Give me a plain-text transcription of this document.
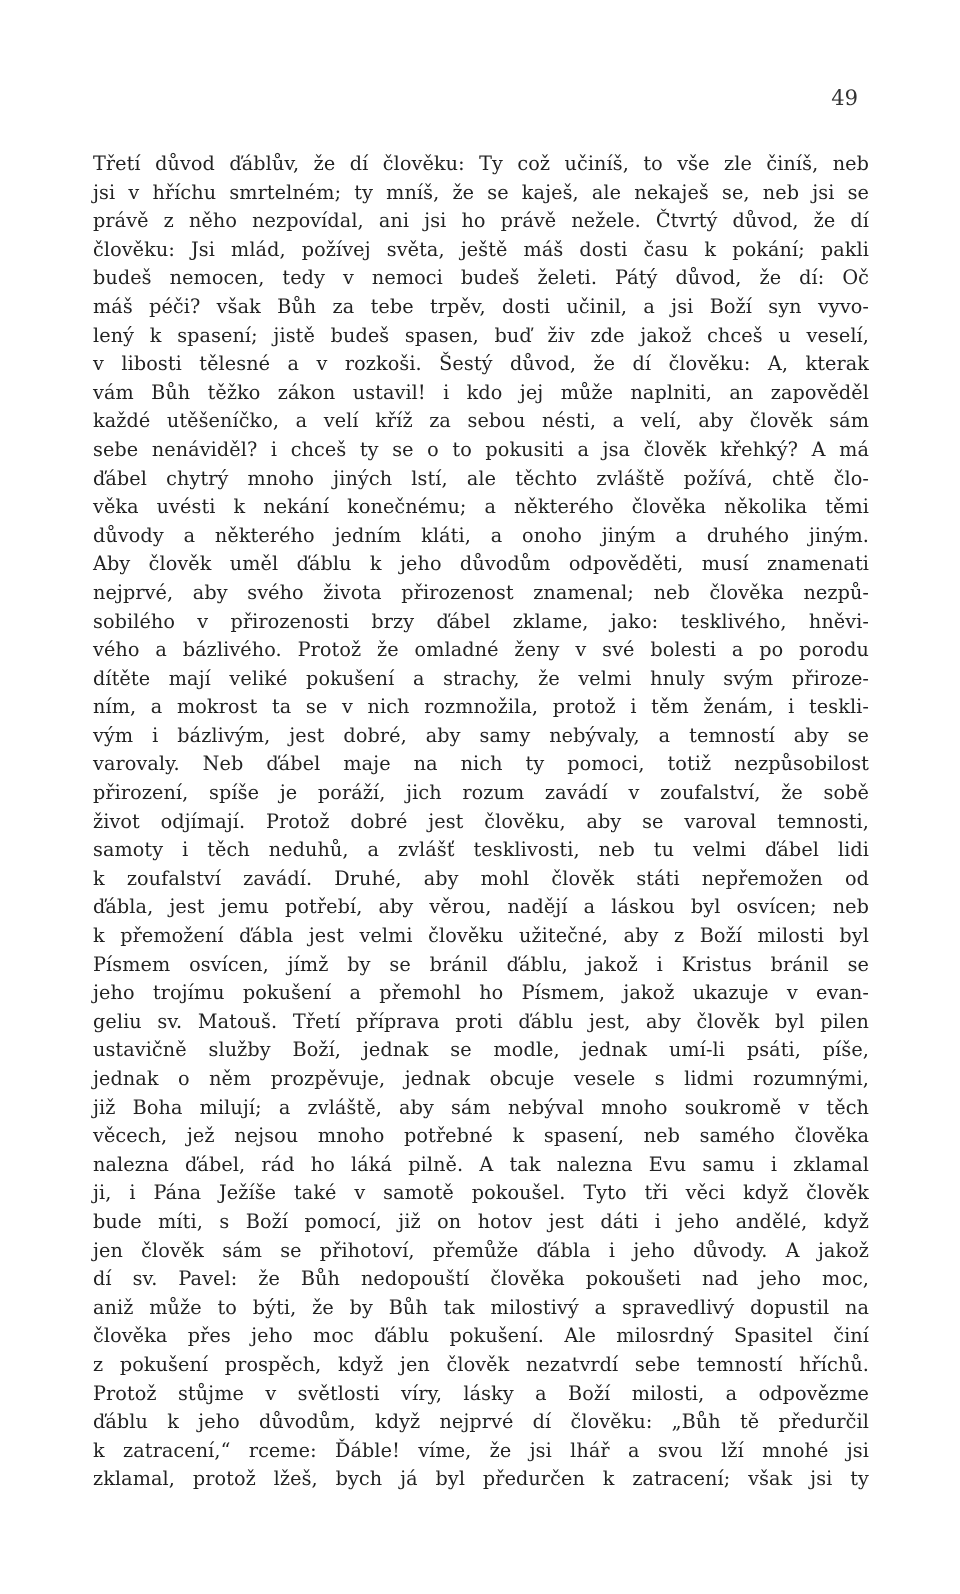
49
Třetí důvod ďáblův, že dí člověku: Ty což učiníš, to vše zle činíš, neb
jsi v hříchu smrtelném; ty mníš, že se kaješ, ale nekaješ se, neb jsi se
právě z něho nezpovídal, ani jsi ho právě nežele. Čtvrtý důvod, že dí
člověku: Jsi mlád, požívej světa, ještě máš dosti času k pokání; pakli
budeš nemocen, tedy v nemoci budeš želeti. Pátý důvod, že dí: Oč
máš péči? však Bůh za tebe trpěv, dosti učinil, a jsi Boží syn vyvo-
lený k spasení; jistě budeš spasen, buď živ zde jakož chceš u veselí,
v libosti tělesné a v rozkoši. Šestý důvod, že dí člověku: A, kterak
vám Bůh těžko zákon ustavil! i kdo jej může naplniti, an zapověděl
každé utěšeníčko, a velí kříž za sebou nésti, a velí, aby člověk sám
sebe nenáviděl? i chceš ty se o to pokusiti a jsa člověk křehký? A má
ďábel chytrý mnoho jiných lstí, ale těchto zvláště požívá, chtě člo-
věka uvésti k nekání konečnému; a některého člověka několika těmi
důvody a některého jedním kláti, a onoho jiným a druhého jiným.
Aby člověk uměl ďáblu k jeho důvodům odpověděti, musí znamenati
nejprvé, aby svého života přirozenost znamenal; neb člověka nezpů-
sobilého v přirozenosti brzy ďábel zklame, jako: tesklivého, hněvi-
vého a bázlivého. Protož že omladné ženy v své bolesti a po porodu
dítěte mají veliké pokušení a strachy, že velmi hnuly svým přiroze-
ním, a mokrost ta se v nich rozmnožila, protož i těm ženám, i teskli-
vým i bázlivým, jest dobré, aby samy nebývaly, a temností aby se
varovaly. Neb ďábel maje na nich ty pomoci, totiž nezpůsobilost
přirození, spíše je poráží, jich rozum zavádí v zoufalství, že sobě
život odjímají. Protož dobré jest člověku, aby se varoval temnosti,
samoty i těch neduhů, a zvlášť tesklivosti, neb tu velmi ďábel lidi
k zoufalství zavádí. Druhé, aby mohl člověk státi nepřemožen od
ďábla, jest jemu potřebí, aby věrou, nadějí a láskou byl osvícen; neb
k přemožení ďábla jest velmi člověku užitečné, aby z Boží milosti byl
Písmem osvícen, jímž by se bránil ďáblu, jakož i Kristus bránil se
jeho trojímu pokušení a přemohl ho Písmem, jakož ukazuje v evan-
geliu sv. Matouš. Třetí příprava proti ďáblu jest, aby člověk byl pilen
ustavičně služby Boží, jednak se modle, jednak umí-li psáti, píše,
jednak o něm prozpěvuje, jednak obcuje vesele s lidmi rozumnými,
již Boha milují; a zvláště, aby sám nebýval mnoho soukromě v těch
věcech, jež nejsou mnoho potřebné k spasení, neb samého člověka
nalezna ďábel, rád ho láká pilně. A tak nalezna Evu samu i zklamal
ji, i Pána Ježíše také v samotě pokoušel. Tyto tři věci když člověk
bude míti, s Boží pomocí, již on hotov jest dáti i jeho andělé, když
jen člověk sám se přihotoví, přemůže ďábla i jeho důvody. A jakož
dí sv. Pavel: že Bůh nedopouští člověka pokoušeti nad jeho moc,
aniž může to býti, že by Bůh tak milostivý a spravedlivý dopustil na
člověka přes jeho moc ďáblu pokušení. Ale milosrdný Spasitel činí
z pokušení prospěch, když jen člověk nezatvrdí sebe temností hříchů.
Protož stůjme v světlosti víry, lásky a Boží milosti, a odpovězme
ďáblu k jeho důvodům, když nejprvé dí člověku: „Bůh tě předurčil
k zatracení,“ rceme: Ďáble! víme, že jsi lhář a svou lží mnohé jsi
zklamal, protož lžeš, bych já byl předurčen k zatracení; však jsi ty
